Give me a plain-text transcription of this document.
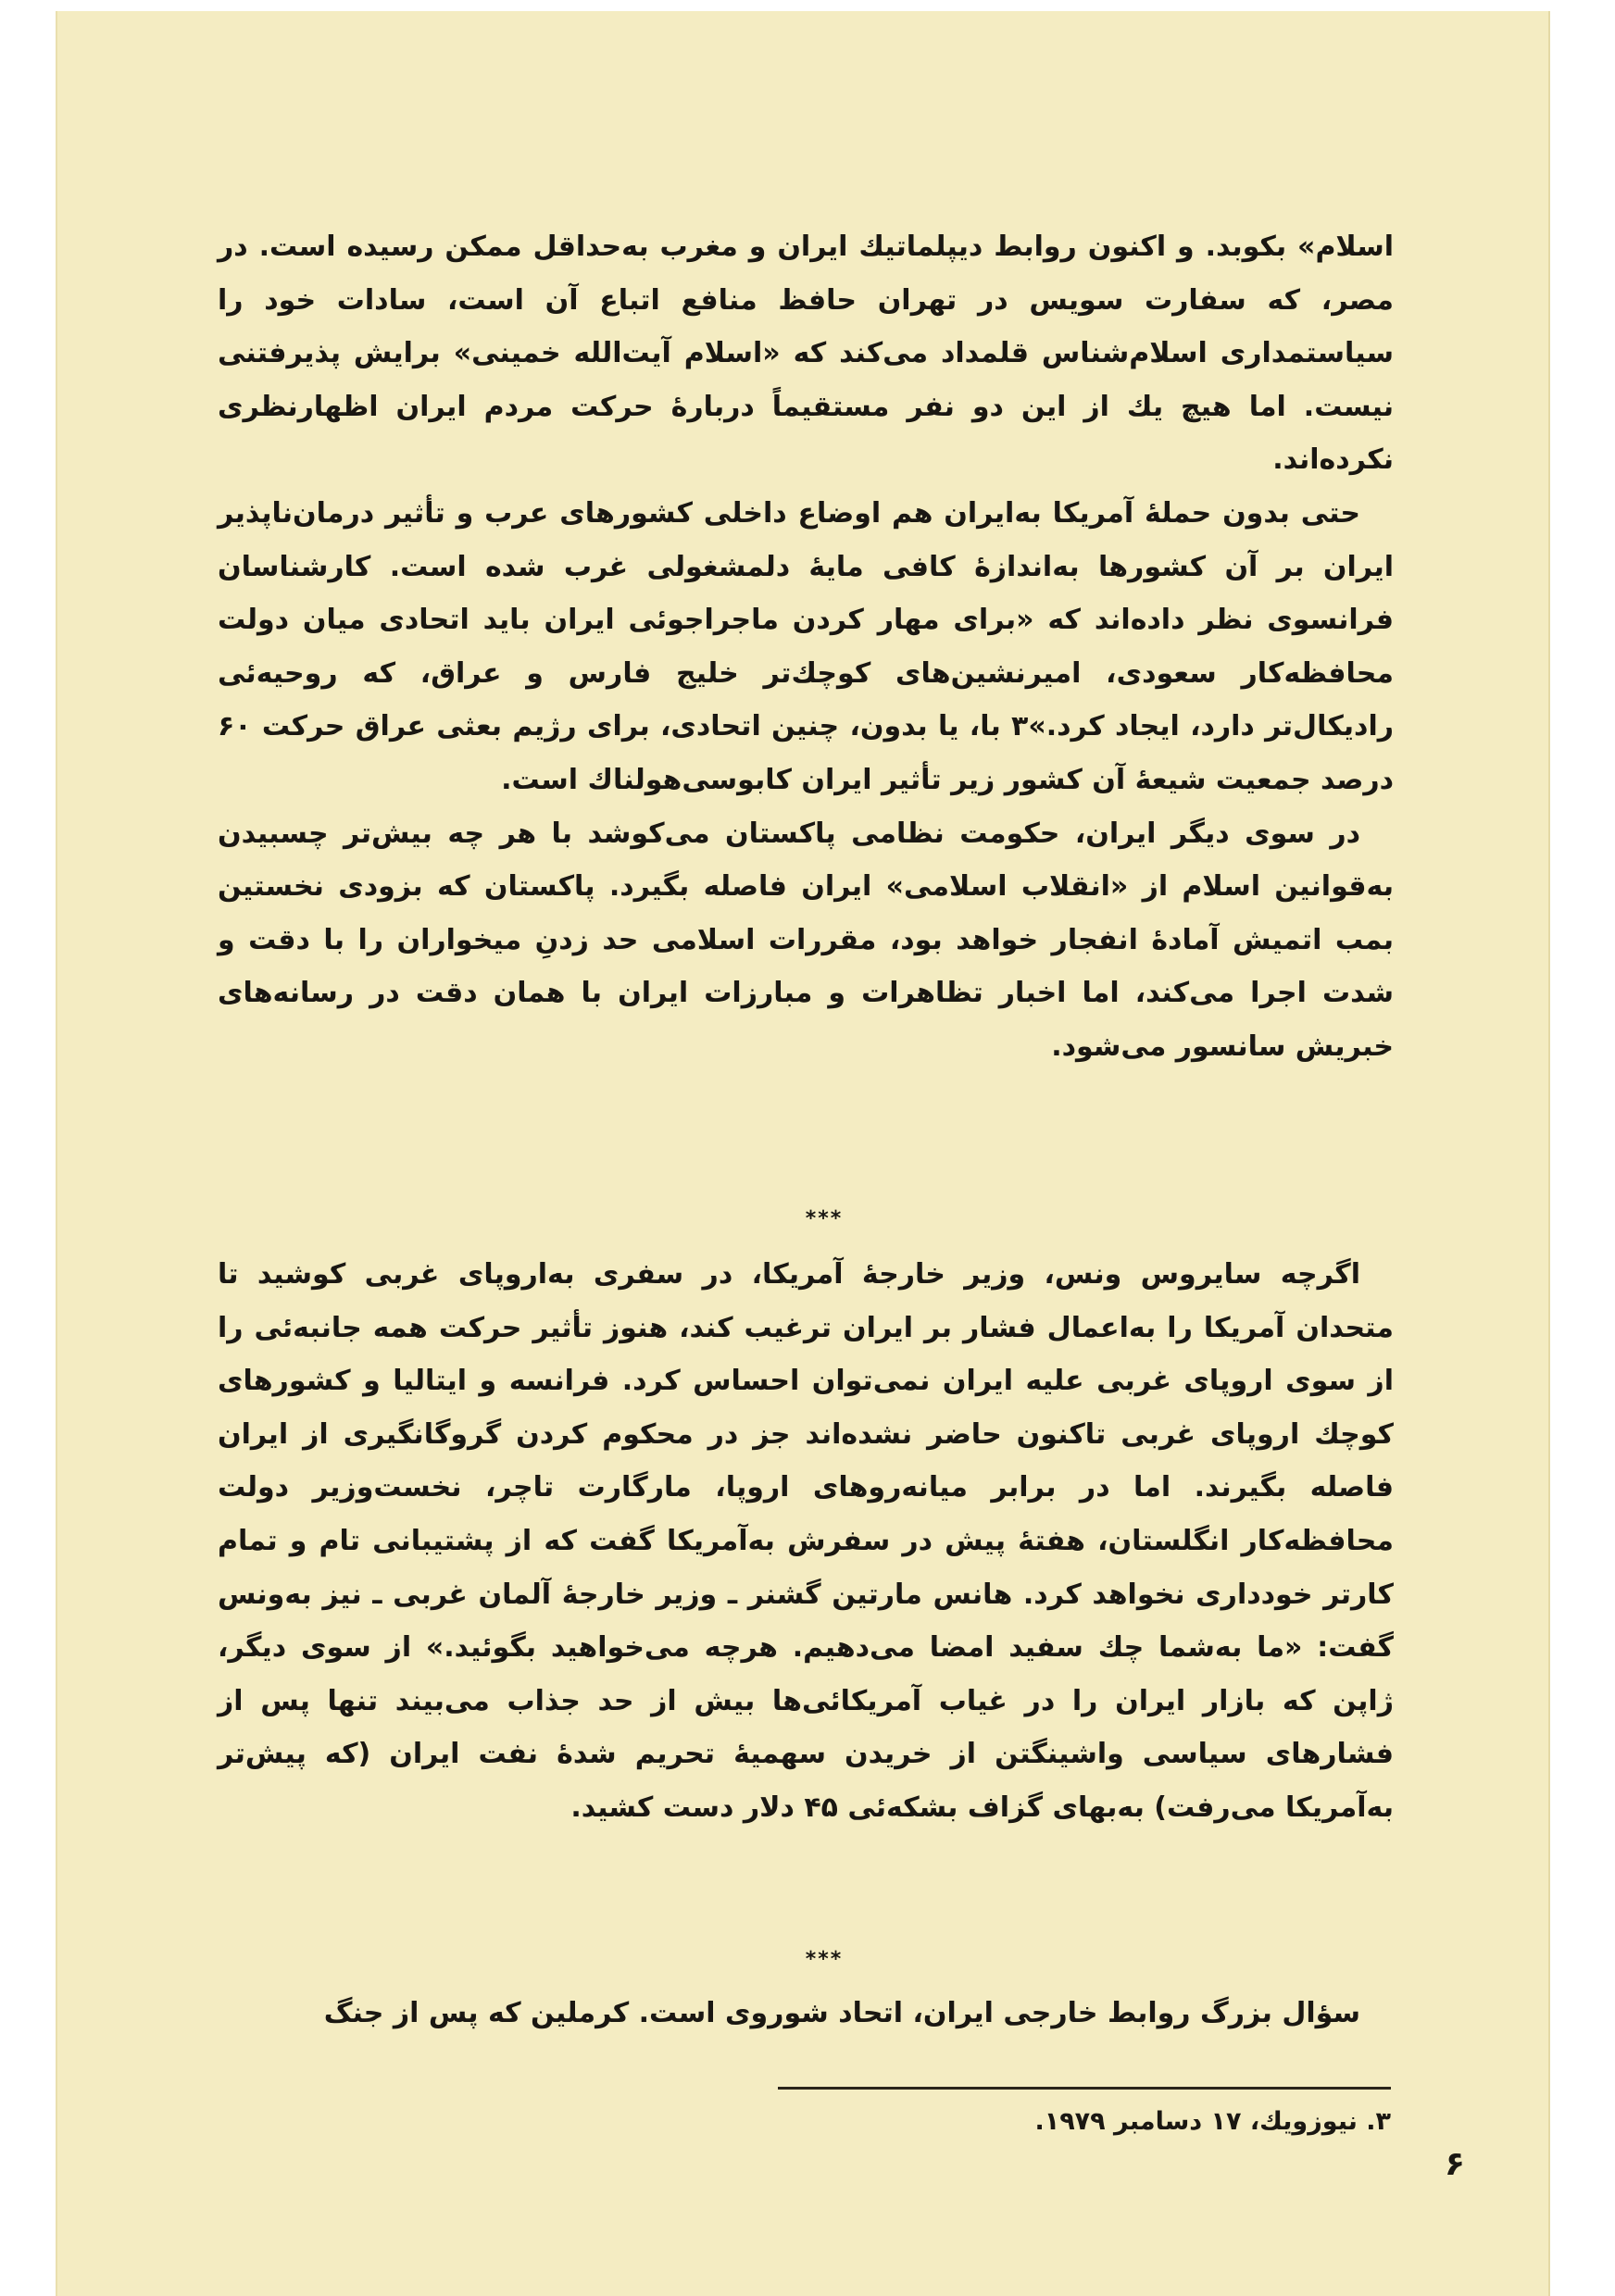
اسلام» بکوبد. و اکنون روابط دیپلماتیك ایران و مغرب به‌حداقل ممکن رسیده است. در مصر، که سفارت سویس در تهران حافظ منافع اتباع آن است، سادات خود را سیاستمداری اسلام‌شناس قلمداد می‌کند که «اسلام آیت‌الله خمینی» برایش پذیرفتنی نیست. اما هیچ یك از این دو نفر مستقیماً دربارهٔ حرکت مردم ایران اظهارنظری نکرده‌اند.

حتی بدون حملهٔ آمریکا به‌ایران هم اوضاع داخلی کشورهای عرب و تأثیر درمان‌ناپذیر ایران بر آن کشورها به‌اندازهٔ کافی مایهٔ دلمشغولی غرب شده است. کارشناسان فرانسوی نظر داده‌اند که «برای مهار کردن ماجراجوئی ایران باید اتحادی میان دولت محافظه‌کار سعودی، امیرنشین‌های کوچك‌تر خلیج فارس و عراق، که روحیه‌ئی رادیکال‌تر دارد، ایجاد کرد.»۳ با، یا بدون، چنین اتحادی، برای رژیم بعثی عراق حرکت ۶۰ درصد جمعیت شیعهٔ آن کشور زیر تأثیر ایران کابوسی‌هولناك است.

در سوی دیگر ایران، حکومت نظامی پاکستان می‌کوشد با هر چه بیش‌تر چسبیدن به‌قوانین اسلام از «انقلاب اسلامی» ایران فاصله بگیرد. پاکستان که بزودی نخستین بمب اتمیش آمادهٔ انفجار خواهد بود، مقررات اسلامی حد زدنِ میخواران را با دقت و شدت اجرا می‌کند، اما اخبار تظاهرات و مبارزات ایران با همان دقت در رسانه‌های خبریش سانسور می‌شود.

***

اگرچه سایروس ونس، وزیر خارجهٔ آمریکا، در سفری به‌اروپای غربی کوشید تا متحدان آمریکا را به‌اعمال فشار بر ایران ترغیب کند، هنوز تأثیر حرکت همه جانبه‌ئی را از سوی اروپای غربی علیه ایران نمی‌توان احساس کرد. فرانسه و ایتالیا و کشورهای کوچك اروپای غربی تاکنون حاضر نشده‌اند جز در محکوم کردن گروگانگیری از ایران فاصله بگیرند. اما در برابر میانه‌روهای اروپا، مارگارت تاچر، نخست‌وزیر دولت محافظه‌کار انگلستان، هفتهٔ پیش در سفرش به‌آمریکا گفت که از پشتیبانی تام و تمام کارتر خودداری نخواهد کرد. هانس مارتین گشنر ـ وزیر خارجهٔ آلمان غربی ـ نیز به‌ونس گفت: «ما به‌شما چك سفید امضا می‌دهیم. هرچه می‌خواهید بگوئید.» از سوی دیگر، ژاپن که بازار ایران را در غیاب آمریکائی‌ها بیش از حد جذاب می‌بیند تنها پس از فشارهای سیاسی واشینگتن از خریدن سهمیهٔ تحریم شدهٔ نفت ایران (که پیش‌تر به‌آمریکا می‌رفت) به‌بهای گزاف بشکه‌ئی ۴۵ دلار دست کشید.

***

سؤال بزرگ روابط خارجی ایران، اتحاد شوروی است. کرملین که پس از جنگ

۳. نیوزویك، ۱۷ دسامبر ۱۹۷۹.
۶
